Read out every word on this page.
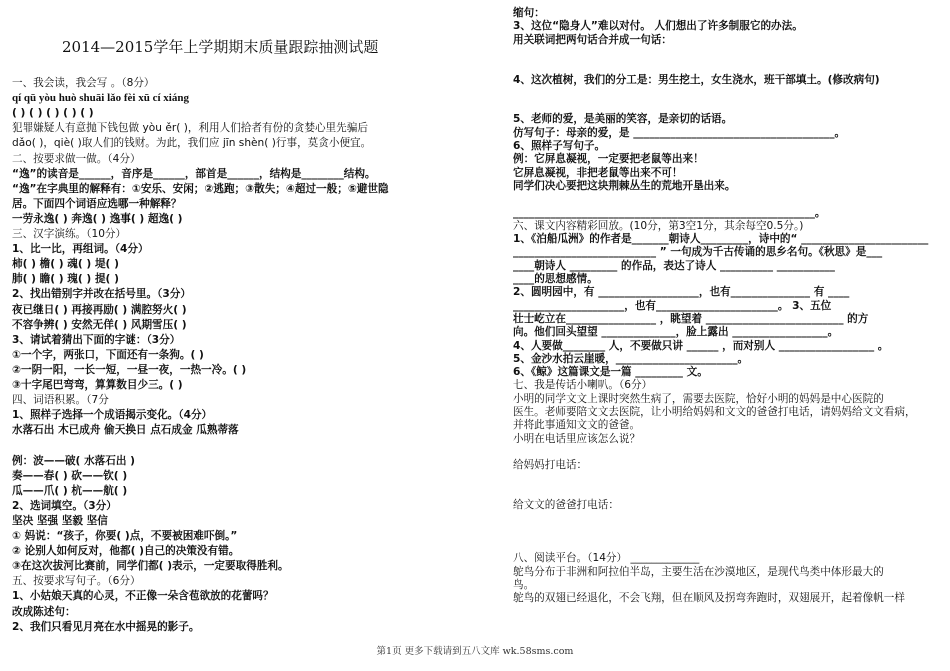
2014—2015学年上学期期末质量跟踪抽测试题
一、我会读，我会写 。（8分）
qí qū yòu huò shuāi lǎo fèi xū cí xiáng
( ) ( ) ( ) ( ) ( )
犯罪嫌疑人有意抛下钱包做 yòu ěr( )，利用人们拾者有份的贪婪心里先骗后
dǎo( )，qiè( )取人们的钱财。为此，我们应 jīn shèn( )行事，莫贪小便宜。
二、按要求做一做。（4分）
“逸”的读音是______，音序是______，部首是______，结构是________结构。
“逸”在字典里的解释有：①安乐、安闲；②逃跑；③散失；④超过一般；⑤避世隐
居。下面四个词语应选哪一种解释？
一劳永逸( ) 奔逸( ) 逸事( ) 超逸( )
三、汉字演练。（10分）
1、比一比，再组词。（4分）
柿( ) 檐( ) 魂( ) 堤( )
肺( ) 瞻( ) 瑰( ) 提( )
2、找出错别字并改在括号里。（3分）
夜已继日( ) 再接再励( ) 满腔努火( )
不容争辨( ) 安然无佯( ) 风期雪压( )
3、请试着猜出下面的字谜：（3分）
①一个字，两张口，下面还有一条狗。( )
②一阴一阳，一长一短，一昼一夜，一热一冷。( )
③十字尾巴弯弯，算算数目少三。( )
四、词语积累。（7分
1、照样子选择一个成语揭示变化。（4分）
水落石出 木已成舟 偷天换日 点石成金 瓜熟蒂落
例：波——破( 水落石出 )
奏——春( ) 砍——钦( )
瓜——爪( ) 杭——航( )
2、选词填空。（3分）
坚决 坚强 坚毅 坚信
① 妈说：“孩子，你要( )点，不要被困难吓倒。”
② 论别人如何反对，他都( )自己的决策没有错。
③在这次拔河比赛前，同学们都( )表示，一定要取得胜利。
五、按要求写句子。（6分）
1、小姑娘天真的心灵，不正像一朵含苞欲放的花蕾吗？
改成陈述句：
2、我们只看见月亮在水中摇晃的影子。
缩句：
3、这位“隐身人”难以对付。 人们想出了许多制服它的办法。
用关联词把两句话合并成一句话：
4、这次植树，我们的分工是：男生挖土，女生浇水，班干部填土。(修改病句)
5、老师的爱，是美丽的笑容，是亲切的话语。
仿写句子：母亲的爱，是 ______________________________________。
6、照样子写句子。
例：它屏息凝视，一定要把老鼠等出来！
它屏息凝视，非把老鼠等出来不可！
同学们决心要把这块荆棘丛生的荒地开垦出来。
_________________________________________________________。
六、课文内容精彩回放。(10分，第3空1分，其余每空0.5分。)
1、《泊船瓜洲》的作者是_______朝诗人_________，诗中的“ ________________________
___________________________ ” 一句成为千古传诵的思乡名句。《秋思》是___
____朝诗人 _________ 的作品，表达了诗人 __________ ___________
____的思想感情。
2、圆明园中，有 ___________________，也有_______________ 有 ____
_____________________，也有_______________________。 3、五位
壮士屹立在_________________ ，眺望着 __________________________ 的方
向。他们回头望望 ______________，脸上露出 __________________。
4、人要做________ 人，不要做只讲 ______ ，而对别人 __________________ 。
5、金沙水拍云崖暖，_______________________。
6、《鲸》这篇课文是一篇 _________ 文。
七、我是传话小喇叭。（6分）
小明的同学文文上课时突然生病了，需要去医院，恰好小明的妈妈是中心医院的
医生。老师要陪文文去医院，让小明给妈妈和文文的爸爸打电话，请妈妈给文文看病，
并将此事通知文文的爸爸。
小明在电话里应该怎么说？
给妈妈打电话：
给文文的爸爸打电话：
八、阅读平台。（14分） _____________
鸵鸟分布于非洲和阿拉伯半岛，主要生活在沙漠地区，是现代鸟类中体形最大的
鸟。
鸵鸟的双翅已经退化，不会飞翔，但在顺风及拐弯奔跑时，双翅展开，起着像帆一样
第1页 更多下载请到五八文库 wk.58sms.com
